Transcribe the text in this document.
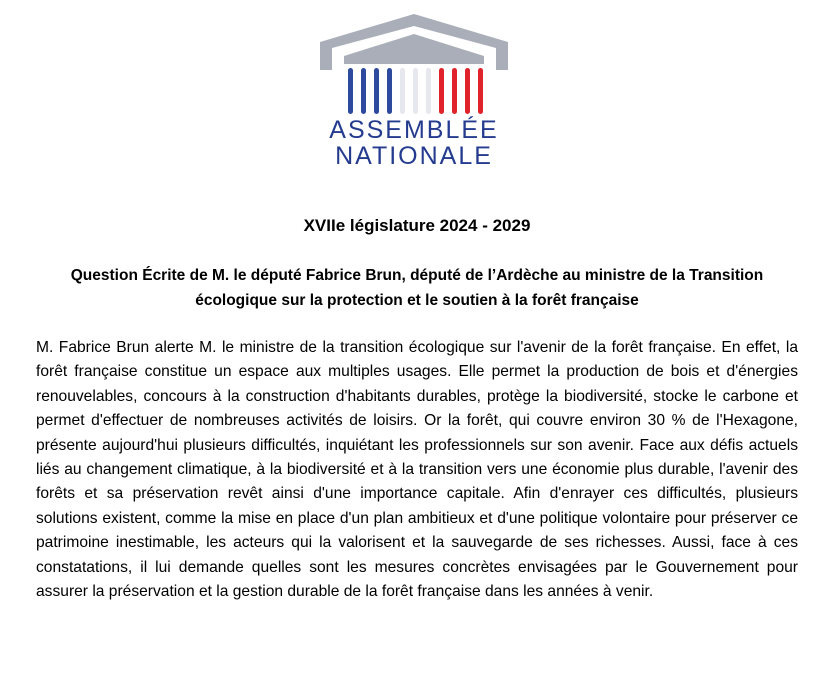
ASSEMBLÉE
NATIONALE
XVIIe législature 2024 - 2029
Question Écrite de M. le député Fabrice Brun, député de l’Ardèche au ministre de la Transition écologique sur la protection et le soutien à la forêt française

M. Fabrice Brun alerte M. le ministre de la transition écologique sur l'avenir de la forêt française. En effet, la forêt française constitue un espace aux multiples usages. Elle permet la production de bois et d'énergies renouvelables, concours à la construction d'habitants durables, protège la biodiversité, stocke le carbone et permet d'effectuer de nombreuses activités de loisirs. Or la forêt, qui couvre environ 30 % de l'Hexagone, présente aujourd'hui plusieurs difficultés, inquiétant les professionnels sur son avenir. Face aux défis actuels liés au changement climatique, à la biodiversité et à la transition vers une économie plus durable, l'avenir des forêts et sa préservation revêt ainsi d'une importance capitale. Afin d'enrayer ces difficultés, plusieurs solutions existent, comme la mise en place d'un plan ambitieux et d'une politique volontaire pour préserver ce patrimoine inestimable, les acteurs qui la valorisent et la sauvegarde de ses richesses. Aussi, face à ces constatations, il lui demande quelles sont les mesures concrètes envisagées par le Gouvernement pour assurer la préservation et la gestion durable de la forêt française dans les années à venir.
